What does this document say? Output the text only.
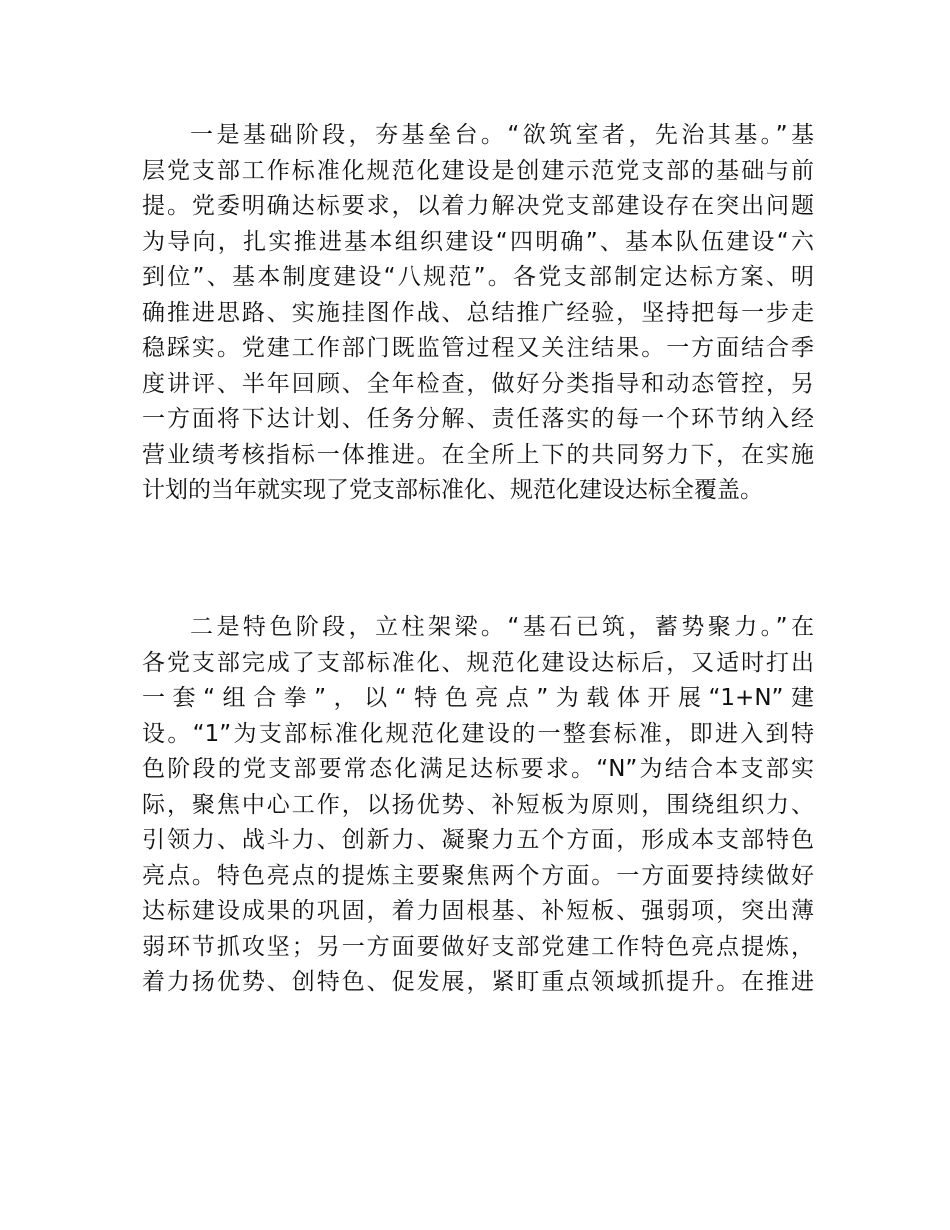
一是基础阶段，夯基垒台。“欲筑室者，先治其基。”基
层党支部工作标准化规范化建设是创建示范党支部的基础与前
提。党委明确达标要求，以着力解决党支部建设存在突出问题
为导向，扎实推进基本组织建设“四明确”、基本队伍建设“六
到位”、基本制度建设“八规范”。各党支部制定达标方案、明
确推进思路、实施挂图作战、总结推广经验，坚持把每一步走
稳踩实。党建工作部门既监管过程又关注结果。一方面结合季
度讲评、半年回顾、全年检查，做好分类指导和动态管控，另
一方面将下达计划、任务分解、责任落实的每一个环节纳入经
营业绩考核指标一体推进。在全所上下的共同努力下，在实施
计划的当年就实现了党支部标准化、规范化建设达标全覆盖。
二是特色阶段，立柱架梁。“基石已筑，蓄势聚力。”在
各党支部完成了支部标准化、规范化建设达标后，又适时打出
一套“组合拳”，以“特色亮点”为载体开展“1+N”建
设。“1”为支部标准化规范化建设的一整套标准，即进入到特
色阶段的党支部要常态化满足达标要求。“N”为结合本支部实
际，聚焦中心工作，以扬优势、补短板为原则，围绕组织力、
引领力、战斗力、创新力、凝聚力五个方面，形成本支部特色
亮点。特色亮点的提炼主要聚焦两个方面。一方面要持续做好
达标建设成果的巩固，着力固根基、补短板、强弱项，突出薄
弱环节抓攻坚；另一方面要做好支部党建工作特色亮点提炼，
着力扬优势、创特色、促发展，紧盯重点领域抓提升。在推进
